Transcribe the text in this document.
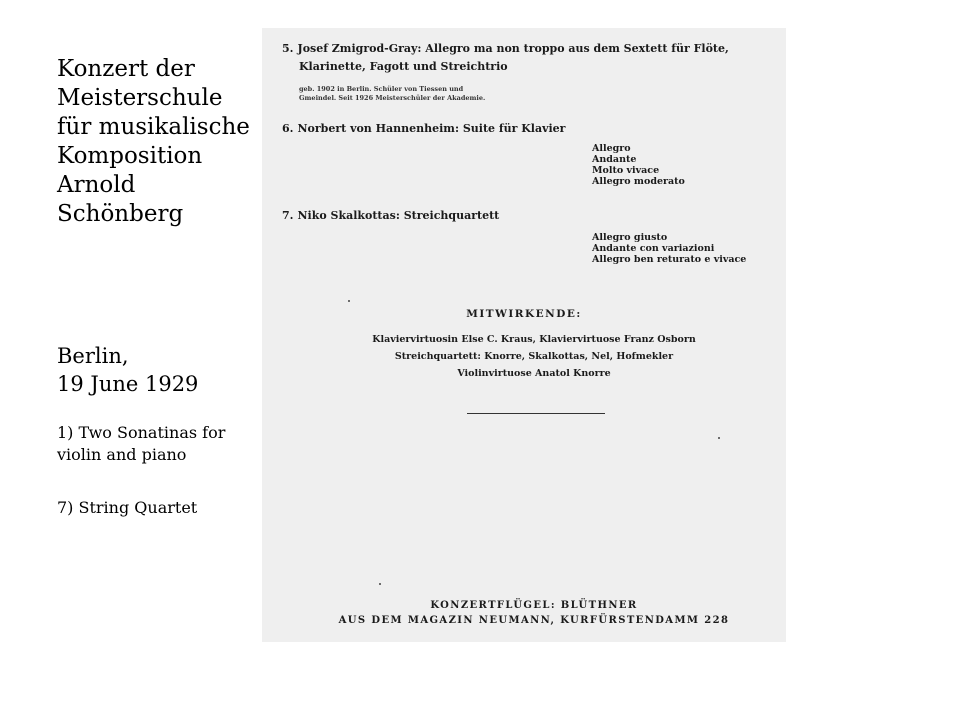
Konzert der
Meisterschule
für musikalische
Komposition
Arnold
Schönberg
Berlin,
19 June 1929
1) Two Sonatinas for
violin and piano
7) String Quartet
5. Josef Zmigrod-Gray: Allegro ma non troppo aus dem Sextett für Flöte,
Klarinette, Fagott und Streichtrio
geb. 1902 in Berlin. Schüler von Tiessen und
Gmeindel. Seit 1926 Meisterschüler der Akademie.
6. Norbert von Hannenheim: Suite für Klavier
Allegro
Andante
Molto vivace
Allegro moderato
7. Niko Skalkottas: Streichquartett
Allegro giusto
Andante con variazioni
Allegro ben returato e vivace
MITWIRKENDE:
Klaviervirtuosin Else C. Kraus, Klaviervirtuose Franz Osborn
Streichquartett: Knorre, Skalkottas, Nel, Hofmekler
Violinvirtuose Anatol Knorre
KONZERTFLÜGEL: BLÜTHNER
AUS DEM MAGAZIN NEUMANN, KURFÜRSTENDAMM 228
